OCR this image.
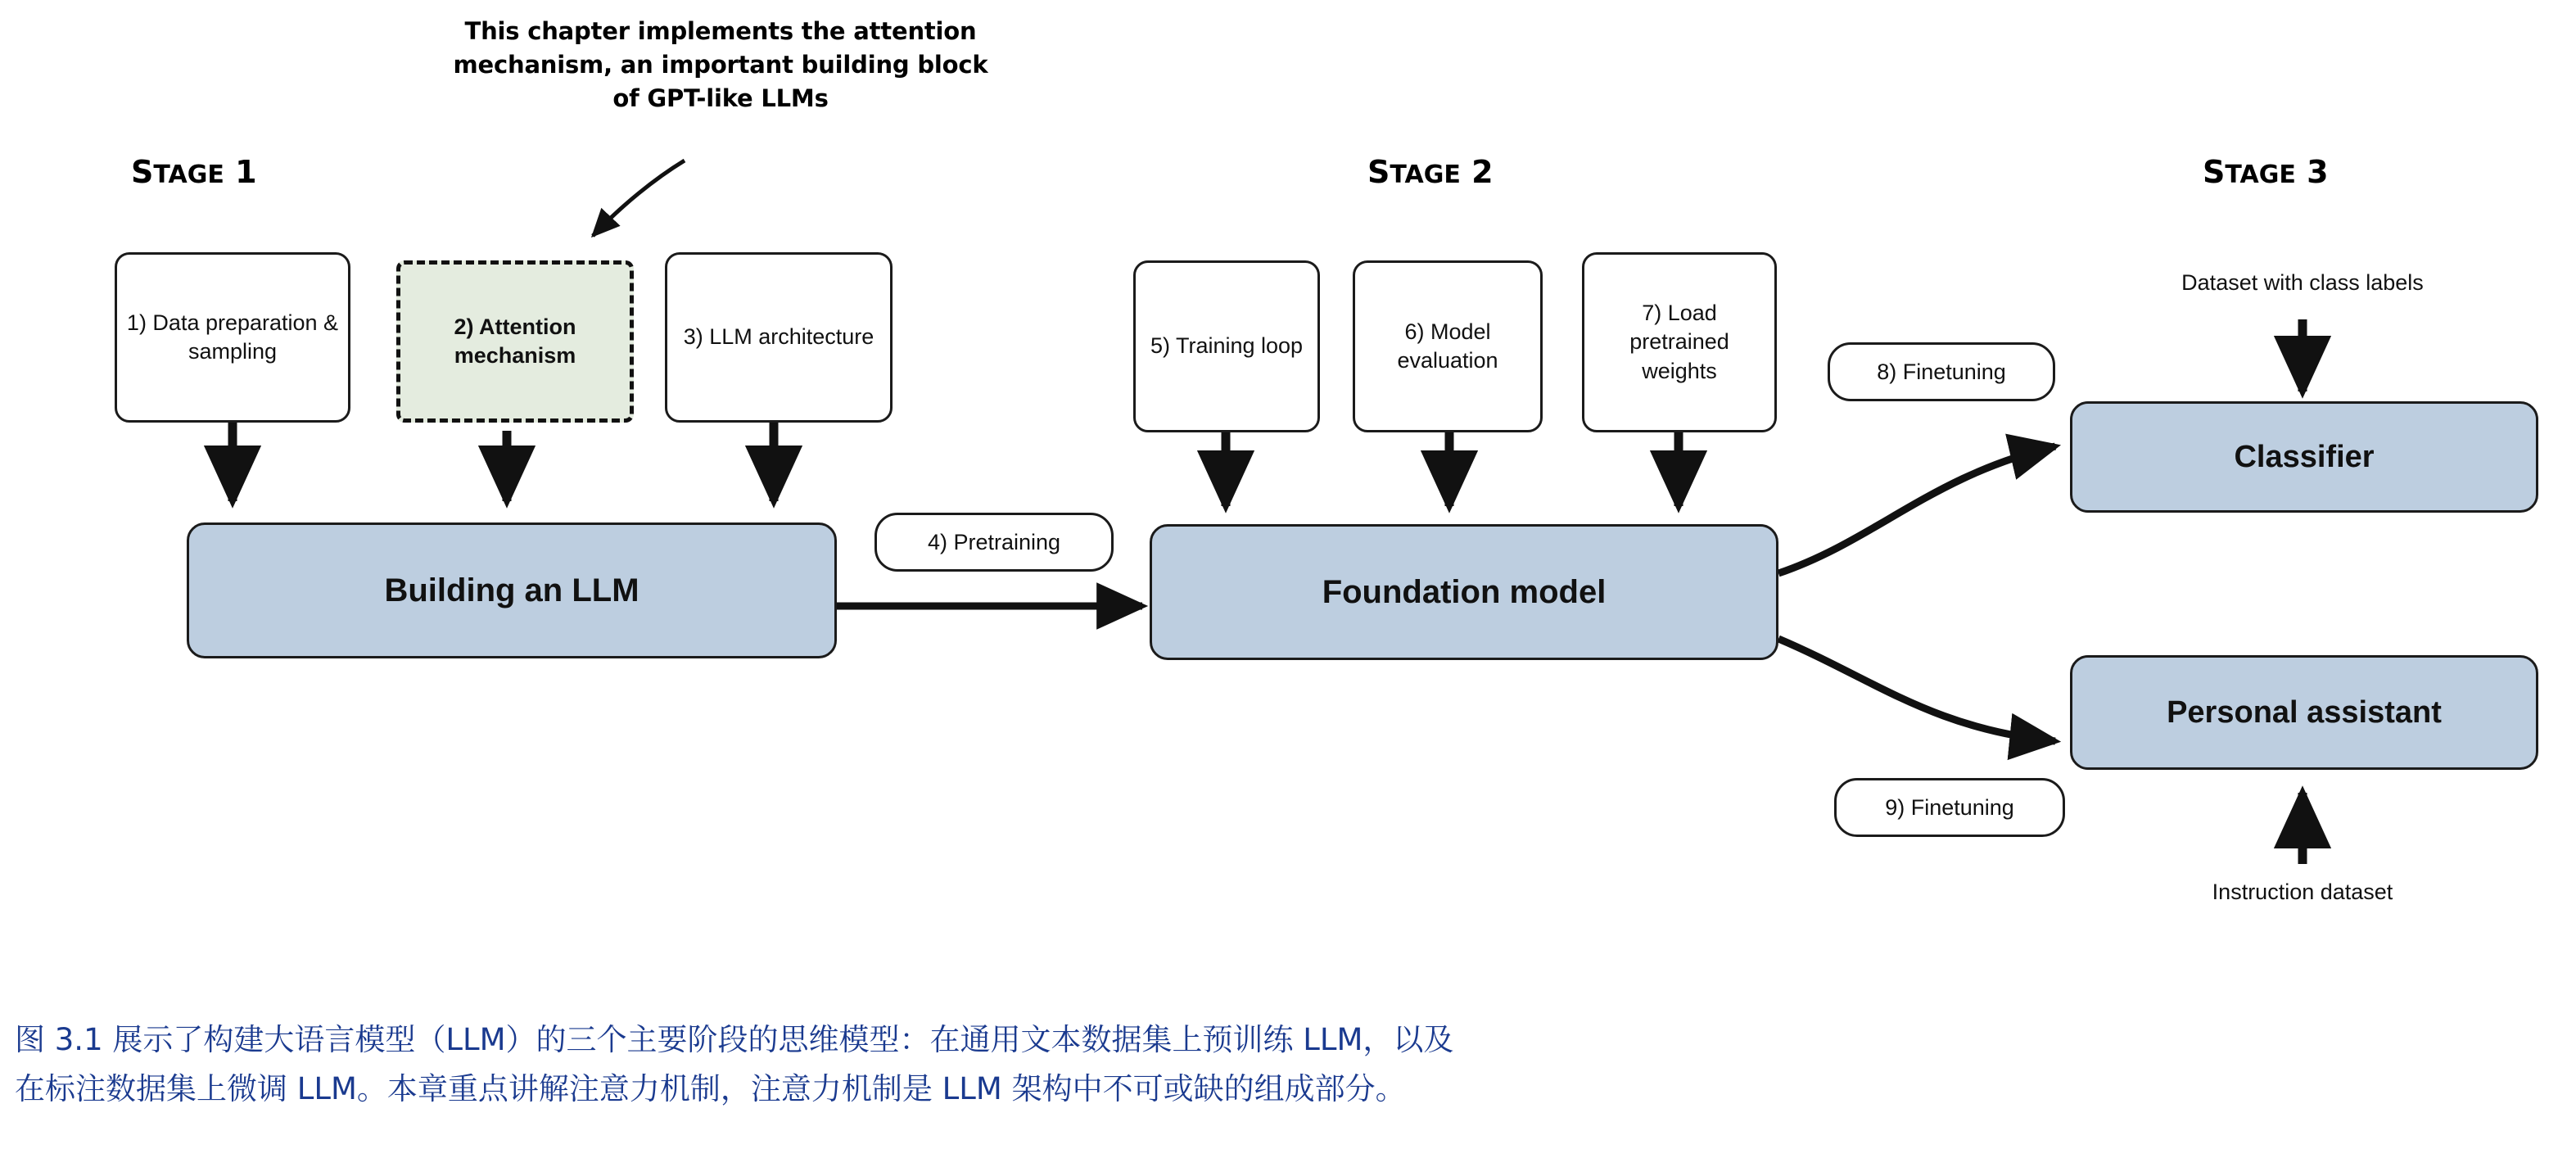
This chapter implements the attention mechanism, an important building block of GPT-like LLMs
STAGE 1	STAGE 2	STAGE 3
1) Data preparation & sampling
2) Attention mechanism
3) LLM architecture
Building an LLM
4) Pretraining
5) Training loop
6) Model evaluation
7) Load pretrained weights
Foundation model
Dataset with class labels
8) Finetuning
Classifier
Personal assistant
9) Finetuning
Instruction dataset
图 3.1 展示了构建大语言模型（LLM）的三个主要阶段的思维模型：在通用文本数据集上预训练 LLM，以及
在标注数据集上微调 LLM。本章重点讲解注意力机制，注意力机制是 LLM 架构中不可或缺的组成部分。
